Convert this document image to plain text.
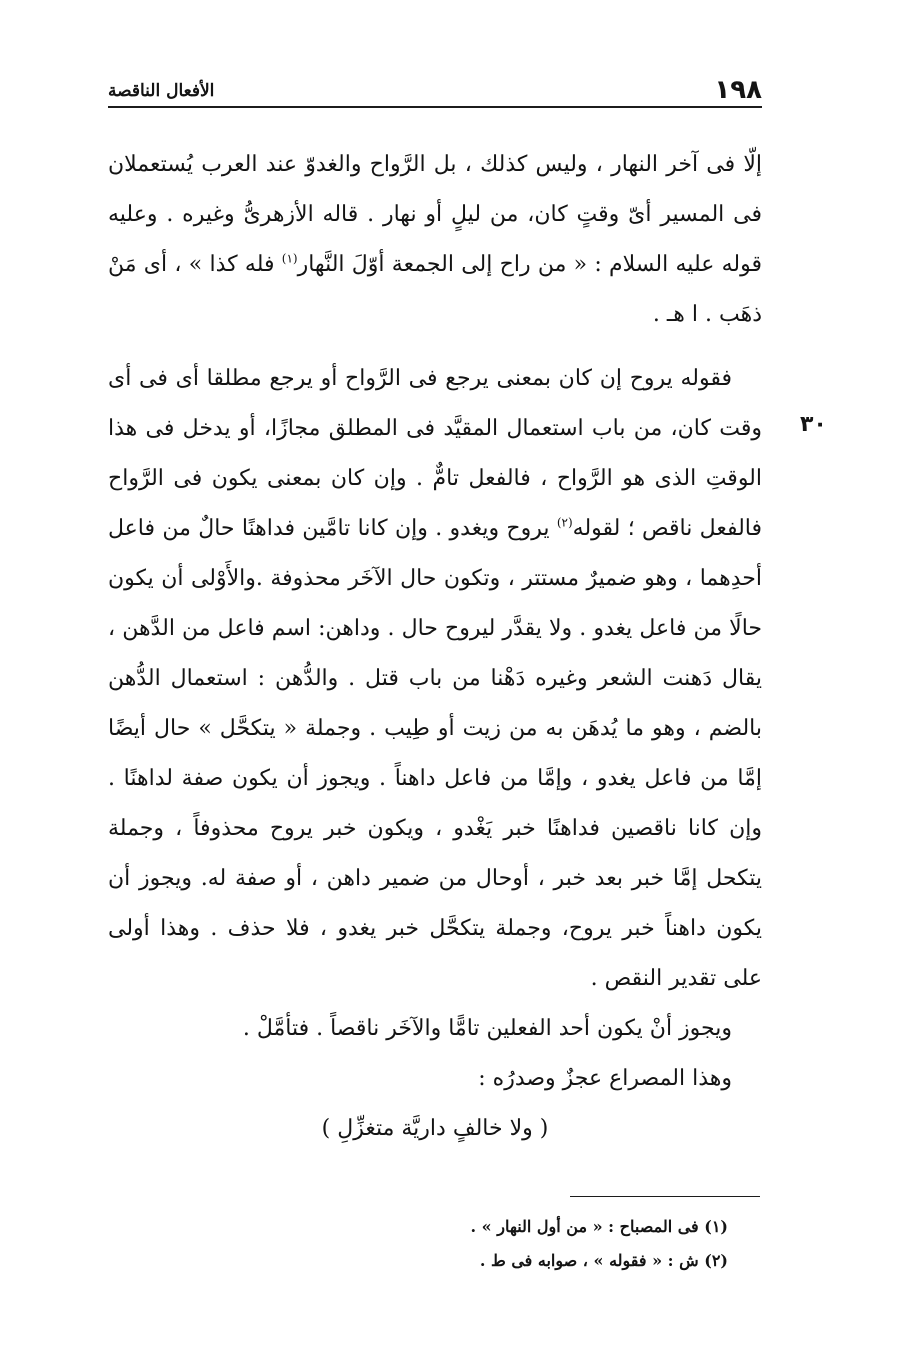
١٩٨
الأفعال الناقصة
٣٠

إلّا فى آخر النهار ، وليس كذلك ، بل الرَّواح والغدوّ عند العرب يُستعملان فى المسير أىّ وقتٍ كان، من ليلٍ أو نهار . قاله الأزهرىُّ وغيره . وعليه قوله عليه السلام : « من راح إلى الجمعة أوّلَ النَّهار$^{(١)}$ فله كذا » ، أى مَنْ ذهَب . ا هـ .

فقوله يروح إن كان بمعنى يرجع فى الرَّواح أو يرجع مطلقا أى فى أى وقت كان، من باب استعمال المقيَّد فى المطلق مجازًا، أو يدخل فى هذا الوقتِ الذى هو الرَّواح ، فالفعل تامٌّ . وإن كان بمعنى يكون فى الرَّواح فالفعل ناقص ؛ لقوله$^{(٢)}$ يروح ويغدو . وإن كانا تامَّين فداهنًا حالٌ من فاعل أحدِهما ، وهو ضميرٌ مستتر ، وتكون حال الآخَر محذوفة .والأَوْلى أن يكون حالًا من فاعل يغدو . ولا يقدَّر ليروح حال . وداهن: اسم فاعل من الدَّهن ، يقال دَهنت الشعر وغيره دَهْنا من باب قتل . والدُّهن : استعمال الدُّهن بالضم ، وهو ما يُدهَن به من زيت أو طِيب . وجملة « يتكحَّل » حال أيضًا إمَّا من فاعل يغدو ، وإمَّا من فاعل داهناً . ويجوز أن يكون صفة لداهنًا . وإن كانا ناقصين فداهنًا خبر يَغْدو ، ويكون خبر يروح محذوفاً ، وجملة يتكحل إمَّا خبر بعد خبر ، أوحال من ضمير داهن ، أو صفة له. ويجوز أن يكون داهناً خبر يروح، وجملة يتكحَّل خبر يغدو ، فلا حذف . وهذا أولى على تقدير النقص .

ويجوز أنْ يكون أحد الفعلين تامًّا والآخَر ناقصاً . فتأمَّلْ .

وهذا المصراع عجزٌ وصدرُه :

( ولا خالفٍ داريَّة متغزِّلِ )

(١) فى المصباح : « من أول النهار » .

(٢) ش : « فقوله » ، صوابه فى ط .
